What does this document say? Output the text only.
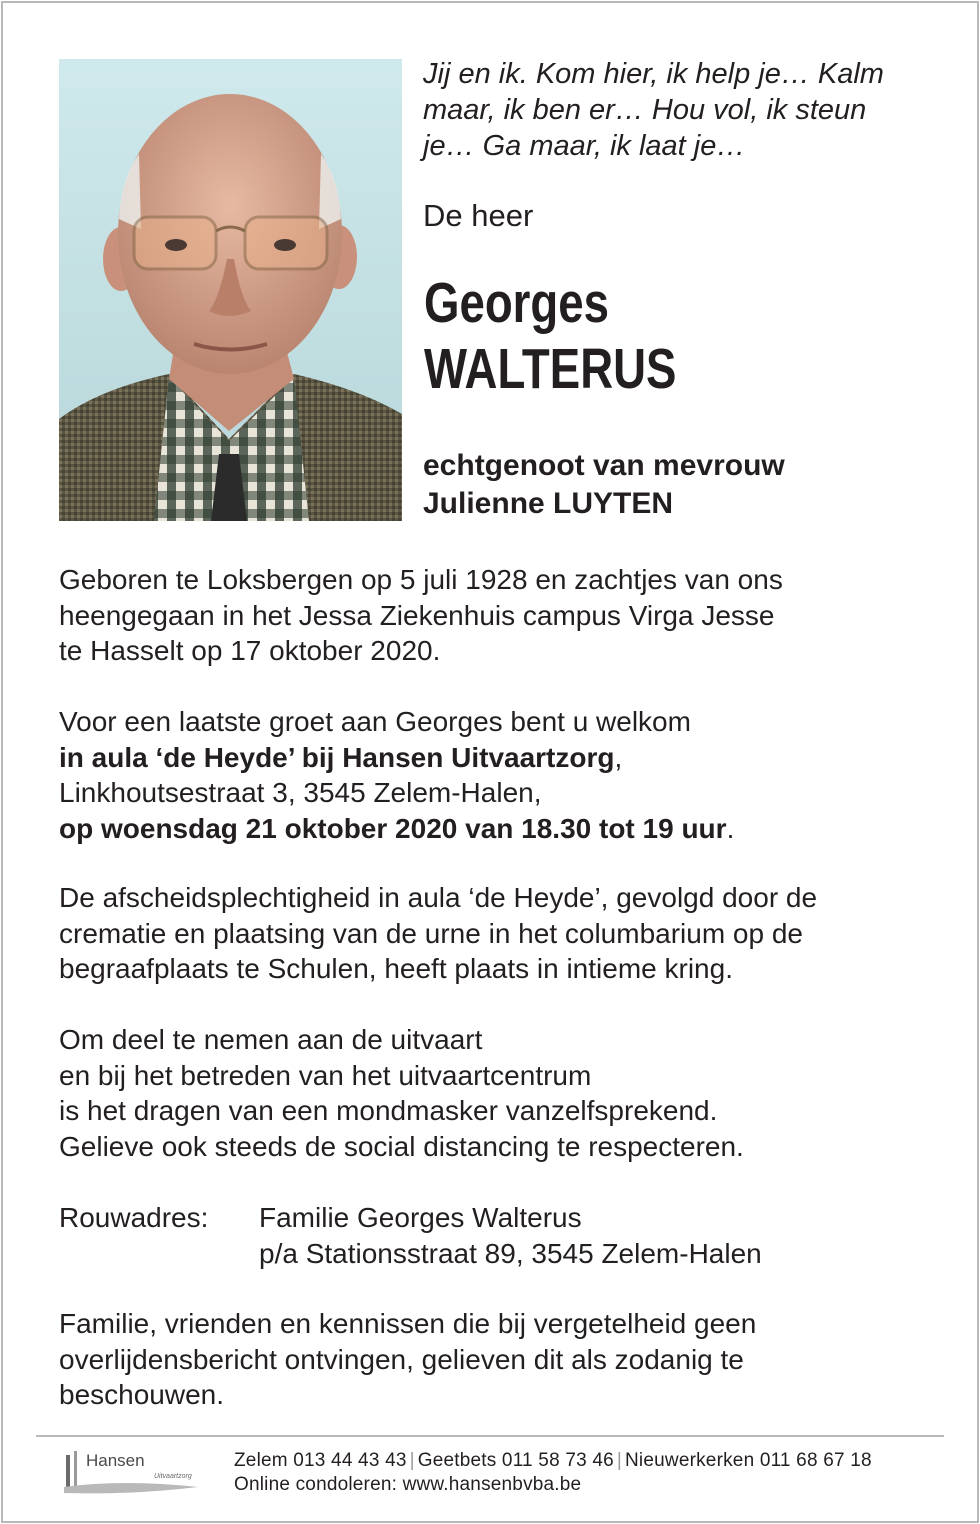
Jij en ik. Kom hier, ik help je… Kalm
maar, ik ben er… Hou vol, ik steun
je… Ga maar, ik laat je…
De heer
Georges
WALTERUS
echtgenoot van mevrouw
Julienne LUYTEN

Geboren te Loksbergen op 5 juli 1928 en zachtjes van ons

heengegaan in het Jessa Ziekenhuis campus Virga Jesse

te Hasselt op 17 oktober 2020.

Voor een laatste groet aan Georges bent u welkom

in aula ‘de Heyde’ bij Hansen Uitvaartzorg,

Linkhoutsestraat 3, 3545 Zelem-Halen,

op woensdag 21 oktober 2020 van 18.30 tot 19 uur.

De afscheidsplechtigheid in aula ‘de Heyde’, gevolgd door de

crematie en plaatsing van de urne in het columbarium op de

begraafplaats te Schulen, heeft plaats in intieme kring.

Om deel te nemen aan de uitvaart

en bij het betreden van het uitvaartcentrum

is het dragen van een mondmasker vanzelfsprekend.

Gelieve ook steeds de social distancing te respecteren.

Rouwadres:	Familie Georges Walterus
p/a Stationsstraat 89, 3545 Zelem-Halen

Familie, vrienden en kennissen die bij vergetelheid geen

overlijdensbericht ontvingen, gelieven dit als zodanig te

beschouwen.

Hansen
Uitvaartzorg
Zelem 013 44 43 43 | Geetbets 011 58 73 46 | Nieuwerkerken 011 68 67 18
Online condoleren: www.hansenbvba.be
